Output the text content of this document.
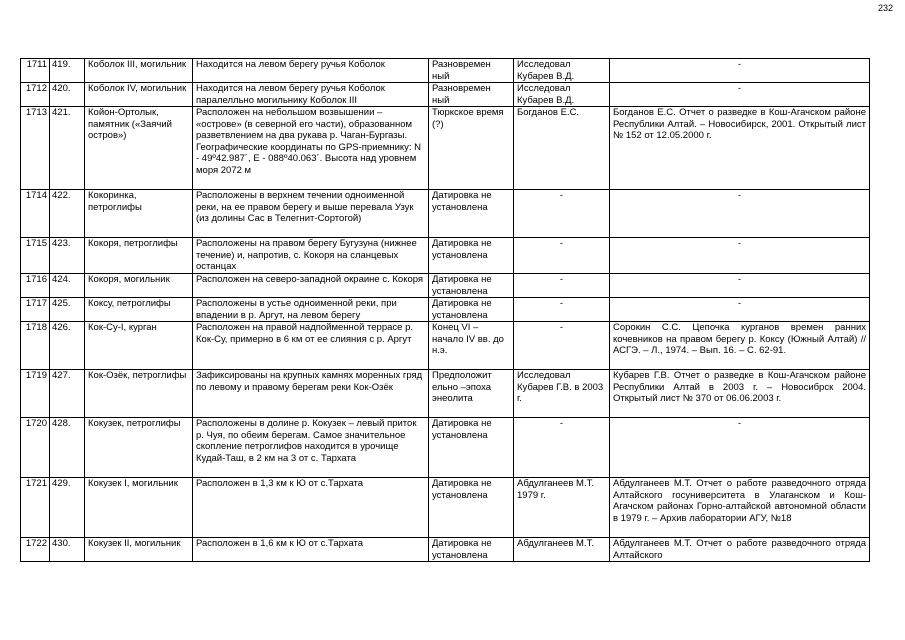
232
1711	419.	Коболок III, могильник	Находится на левом берегу ручья Коболок	Разновремен ный	Исследовал Кубарев В.Д.	-
1712	420.	Коболок IV, могильник	Находится на левом берегу ручья Коболок паралелльно могильнику Коболок III	Разновремен ный	Исследовал Кубарев В.Д.	-
1713	421.	Койон-Ортолык, памятник («Заячий остров»)	Расположен на небольшом возвышении – «острове» (в северной его части), образованном разветвлением на два рукава р. Чаган-Бургазы. Географические координаты по GPS-приемнику: N - 49º42.987´, E - 088º40.063´. Высота над уровнем моря 2072 м	Тюркское время (?)	Богданов Е.С.	Богданов Е.С. Отчет о разведке в Кош-Агачском районе Республики Алтай. – Новосибирск, 2001. Открытый лист № 152 от 12.05.2000 г.
1714	422.	Кокоринка, петроглифы	Расположены в верхнем течении одноименной реки, на ее правом берегу и выше перевала Узук (из долины Сас в Телегнит-Сортогой)	Датировка не установлена	-	-
1715	423.	Кокоря, петроглифы	Расположены на правом берегу Бугузуна (нижнее течение) и, напротив, с. Кокоря на сланцевых останцах	Датировка не установлена	-	-
1716	424.	Кокоря, могильник	Расположен на северо-западной окраине с. Кокоря	Датировка не установлена	-	-
1717	425.	Коксу, петроглифы	Расположены в устье одноименной реки, при впадении в р. Аргут, на левом берегу	Датировка не установлена	-	-
1718	426.	Кок-Су-I, курган	Расположен на правой надпойменной террасе р. Кок-Су, примерно в 6 км от ее слияния с р. Аргут	Конец VI – начало IV вв. до н.э.	-	Сорокин С.С. Цепочка курганов времен ранних кочевников на правом берегу р. Коксу (Южный Алтай) // АСГЭ. – Л., 1974. – Вып. 16. – С. 62-91.
1719	427.	Кок-Озёк, петроглифы	Зафиксированы на крупных камнях моренных гряд по левому и правому берегам реки Кок-Озёк	Предположит ельно –эпоха энеолита	Исследовал Кубарев Г.В. в 2003 г.	Кубарев Г.В. Отчет о разведке в Кош-Агачском районе Республики Алтай в 2003 г. – Новосибрск 2004. Открытый лист № 370 от 06.06.2003 г.
1720	428.	Кокузек, петроглифы	Расположены в долине р. Кокузек – левый приток р. Чуя, по обеим берегам. Самое значительное скопление петроглифов находится в урочище Кудай-Таш, в 2 км на 3 от с. Тархата	Датировка не установлена	-	-
1721	429.	Кокузек I, могильник	Расположен в 1,3 км к Ю от с.Тархата	Датировка не установлена	Абдулганеев М.Т. 1979 г.	Абдулганеев М.Т. Отчет о работе разведочного отряда Алтайского госуниверситета в Улаганском и Кош-Агачском районах Горно-алтайской автономной области в 1979 г. – Архив лаборатории АГУ, №18
1722	430.	Кокузек II, могильник	Расположен в 1,6 км к Ю от с.Тархата	Датировка не установлена	Абдулганеев М.Т.	Абдулганеев М.Т. Отчет о работе разведочного отряда Алтайского
